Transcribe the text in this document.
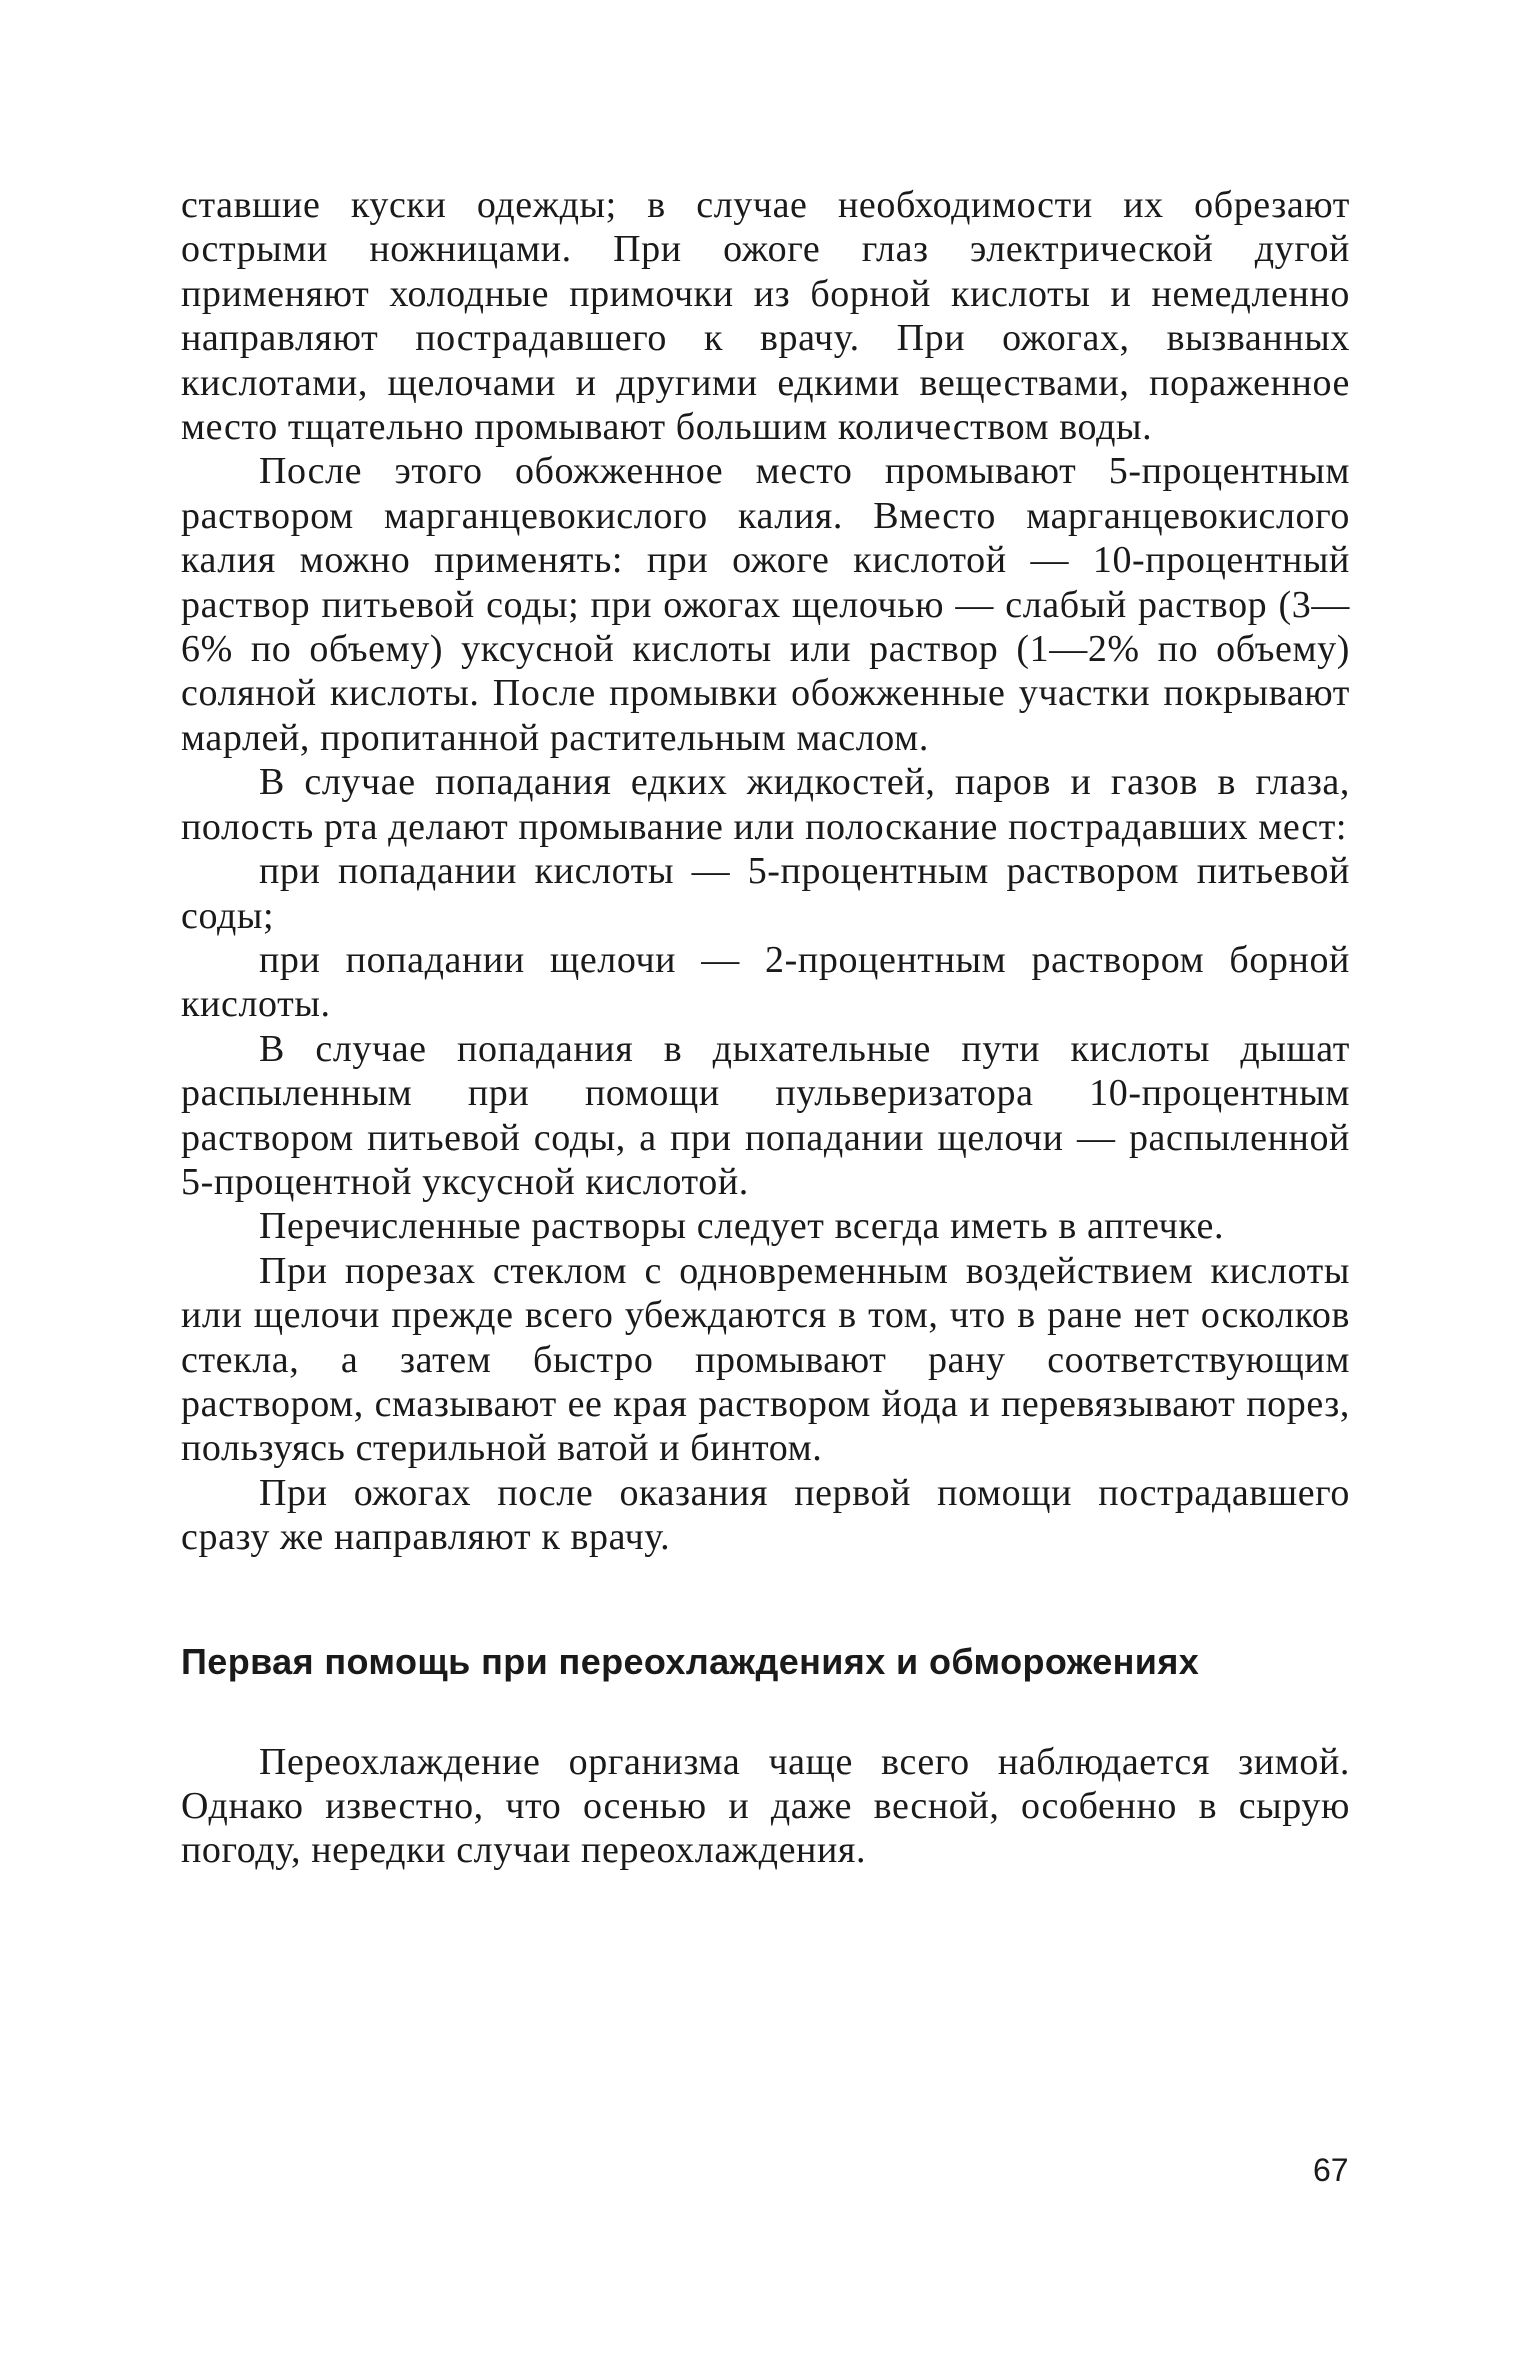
ставшие куски одежды; в случае необходимости их обрезают острыми ножницами. При ожоге глаз электрической дугой применяют холодные примочки из борной кислоты и немедленно направляют пострадавшего к врачу. При ожогах, вызванных кислотами, щелочами и другими едкими веществами, пораженное место тщательно промывают большим количеством воды.

После этого обожженное место промывают 5-процентным раствором марганцевокислого калия. Вместо марганцевокислого калия можно применять: при ожоге кислотой — 10-процентный раствор питьевой соды; при ожогах щелочью — слабый раствор (3—6% по объему) уксусной кислоты или раствор (1—2% по объему) соляной кислоты. После промывки обожженные участки покрывают марлей, пропитанной растительным маслом.

В случае попадания едких жидкостей, паров и газов в глаза, полость рта делают промывание или полоскание пострадавших мест:

при попадании кислоты — 5-процентным раствором питьевой соды;

при попадании щелочи — 2-процентным раствором борной кислоты.

В случае попадания в дыхательные пути кислоты дышат распыленным при помощи пульверизатора 10-процентным раствором питьевой соды, а при попадании щелочи — распыленной 5-процентной уксусной кислотой.

Перечисленные растворы следует всегда иметь в аптечке.

При порезах стеклом с одновременным воздействием кислоты или щелочи прежде всего убеждаются в том, что в ране нет осколков стекла, а затем быстро промывают рану соответствующим раствором, смазывают ее края раствором йода и перевязывают порез, пользуясь стерильной ватой и бинтом.

При ожогах после оказания первой помощи пострадавшего сразу же направляют к врачу.

Первая помощь при переохлаждениях и обморожениях

Переохлаждение организма чаще всего наблюдается зимой. Однако известно, что осенью и даже весной, особенно в сырую погоду, нередки случаи переохлаждения.

67
